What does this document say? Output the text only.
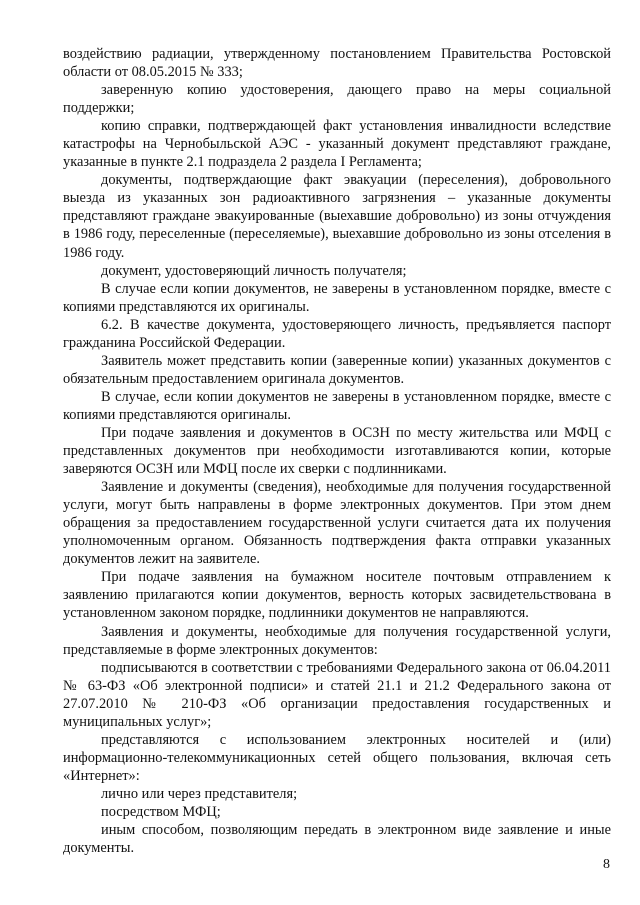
воздействию радиации, утвержденному постановлением Правительства Ростовской области от 08.05.2015 № 333;

заверенную копию удостоверения, дающего право на меры социальной поддержки;

копию справки, подтверждающей факт установления инвалидности вследствие катастрофы на Чернобыльской АЭС - указанный документ представляют граждане, указанные в пункте 2.1 подраздела 2 раздела I Регламента;

документы, подтверждающие факт эвакуации (переселения), добровольного выезда из указанных зон радиоактивного загрязнения – указанные документы представляют граждане эвакуированные (выехавшие добровольно) из зоны отчуждения в 1986 году, переселенные (переселяемые), выехавшие добровольно из зоны отселения в 1986 году.

документ, удостоверяющий личность получателя;

В случае если копии документов, не заверены в установленном порядке, вместе с копиями представляются их оригиналы.

6.2. В качестве документа, удостоверяющего личность, предъявляется паспорт гражданина Российской Федерации.

Заявитель может представить копии (заверенные копии) указанных документов с обязательным предоставлением оригинала документов.

В случае, если копии документов не заверены в установленном порядке, вместе с копиями представляются оригиналы.

При подаче заявления и документов в ОСЗН по месту жительства или МФЦ с представленных документов при необходимости изготавливаются копии, которые заверяются ОСЗН или МФЦ после их сверки с подлинниками.

Заявление и документы (сведения), необходимые для получения государственной услуги, могут быть направлены в форме электронных документов. При этом днем обращения за предоставлением государственной услуги считается дата их получения уполномоченным органом. Обязанность подтверждения факта отправки указанных документов лежит на заявителе.

При подаче заявления на бумажном носителе почтовым отправлением к заявлению прилагаются копии документов, верность которых засвидетельствована в установленном законом порядке, подлинники документов не направляются.

Заявления и документы, необходимые для получения государственной услуги, представляемые в форме электронных документов:

подписываются в соответствии с требованиями Федерального закона от 06.04.2011 № 63-ФЗ «Об электронной подписи» и статей 21.1 и 21.2 Федерального закона от 27.07.2010 № 210-ФЗ «Об организации предоставления государственных и муниципальных услуг»;

представляются с использованием электронных носителей и (или) информационно-телекоммуникационных сетей общего пользования, включая сеть «Интернет»:

лично или через представителя;

посредством МФЦ;

иным способом, позволяющим передать в электронном виде заявление и иные документы.

8
